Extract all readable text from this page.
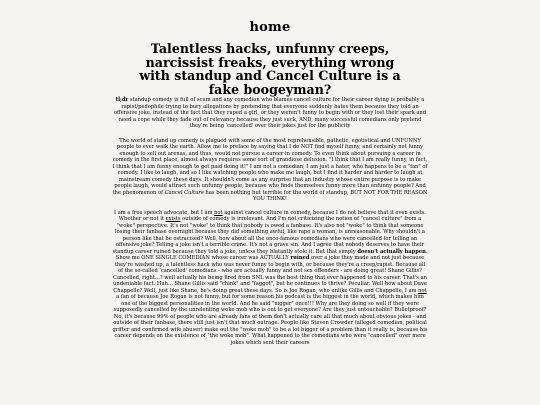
home
Talentless hacks, unfunny creeps, narcissist freaks, everything wrong with standup and Cancel Culture is a fake boogeyman?

tl;dr standup comedy is full of scum and any comedian who blames cancel culture for their career dying is probably a rapist/pedophile trying to bury allegations by pretending that everyone suddenly hates them because they told an offensive joke, instead of the fact that they raped a girl, or they weren't funny to begin with or they lost their spark and need a cope while they fade out of relevancy because they just suck, AND, many successful comedians only pretend they're being 'cancelled' over their jokes just for the publicity

The world of stand up comedy is plagued with some of the most reprehensible, pathetic, egotistical and UNFUNNY people to ever walk the earth. Allow me to preface by saying that I do NOT find myself funny, and certainly not funny enough to sell out arenas, and thus, would not pursue a career in comedy. To even think about pursuing a career in comedy in the first place, almost always requires some sort of grandiose delusion. "I think that I am really funny, in fact, I think that I am funny enough to get paid doing it!" I am not a comedian, I am just a hater, who happens to be a "fan" of comedy. I like to laugh, and so I like watching people who make me laugh, but I find it harder and harder to laugh at mainstream comedy these days. It shouldn't come as any surprise that an industry whose entire purpose is to make people laugh, would attract such unfunny people, because who finds themselves funny more than unfunny people? And the phenomenon of Cancel Culture has been nothing but terrible for the world of standup, BUT NOT FOR THE REASON YOU THINK!

I am a free speech advocate, but I am not against cancel culture in comedy, because I do not believe that it even exists. Whether or not it exists outside of comedy is irrelevant. And I'm not criticizing the notion of "cancel culture" from a "woke" perspective. It's not "woke" to think that nobody is owed a fanbase. It's also not "woke" to think that someone losing their fanbase overnight because they did something awful, like rape a woman, is unreasonable. Why shouldn't a person like that be ostracised? Well, how about all the once-famous comedians who were cancelled for telling an offensive joke? Telling a joke isn't a terrible crime. It's not a grave sin. And I agree that nobody deserves to have their standup career ruined because they told a joke, unless they blatantly stole it. But that simply doesn't actually happen. Show me ONE SINGLE COMEDIAN whose career was ACTUALLY ruined over a joke they made and not just because they're washed up, a talentless hack who was never funny to begin with, or because they're a creep/rapist. Because all of the so-called 'cancelled' comedians - who are actually funny and not sex offenders - are doing great! Shane Gillis? Cancelled, right...? well actually his being fired from SNL was the best thing that ever happened to his career. That's an undeniable fact. Huh... Shane Gillis said "chink" and "faggot", but he continues to thrive? Peculiar. Well how about Dave Chappelle? Well, just like Shane, he's doing great these days. So is Joe Rogan, who unlike Gillis and Chappelle, I am not a fan of because Joe Rogan is not funny, but for some reason his podcast is the biggest in the world, which makes him one of the biggest personalities in the world. And he said "nigger" once!!! Why are they doing so well if they were supposedly cancelled by the unrelenting woke mob who is out to get everyone? Are they just untouchable? Bulletproof? No, it's because 99% of people who are already fans of them don't actually care all that much about obvious jokes - and outside of their fanbase, there still just isn't that much outrage. People like Steven Crowder (alleged comedian, political grifter and confirmed wife abuser) make out the "woke mob" to be a lot bigger of a problem than it really is, because his career depends on the existence of "the woke mob". What happened to the comedians who were "cancelled" over mere jokes which sent their careers
